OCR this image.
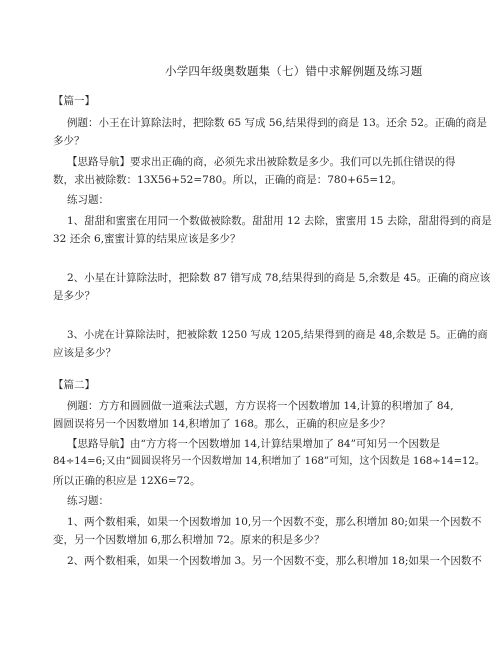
小学四年级奥数题集（七）错中求解例题及练习题
【篇一】
例题：小王在计算除法时，把除数 65 写成 56,结果得到的商是 13。还余 52。正确的商是
多少？
【思路导航】要求出正确的商，必须先求出被除数是多少。我们可以先抓住错误的得
数，求出被除数：13X56+52=780。所以，正确的商是：780+65=12。
练习题：
1、甜甜和蜜蜜在用同一个数做被除数。甜甜用 12 去除，蜜蜜用 15 去除，甜甜得到的商是
32 还余 6,蜜蜜计算的结果应该是多少？
2、小星在计算除法时，把除数 87 错写成 78,结果得到的商是 5,余数是 45。正确的商应该
是多少？
3、小虎在计算除法时，把被除数 1250 写成 1205,结果得到的商是 48,余数是 5。正确的商
应该是多少？
【篇二】
例题：方方和圆圆做一道乘法式题，方方误将一个因数增加 14,计算的积增加了 84,
圆圆误将另一个因数增加 14,积增加了 168。那么，正确的积应是多少？
【思路导航】由“方方将一个因数增加 14,计算结果增加了 84”可知另一个因数是
84÷14=6;又由“圆圆误将另一个因数增加 14,积增加了 168”可知，这个因数是 168÷14=12。
所以正确的积应是 12X6=72。
练习题：
1、两个数相乘，如果一个因数增加 10,另一个因数不变，那么积增加 80;如果一个因数不
变，另一个因数增加 6,那么积增加 72。原来的积是多少？
2、两个数相乘，如果一个因数增加 3。另一个因数不变，那么积增加 18;如果一个因数不
